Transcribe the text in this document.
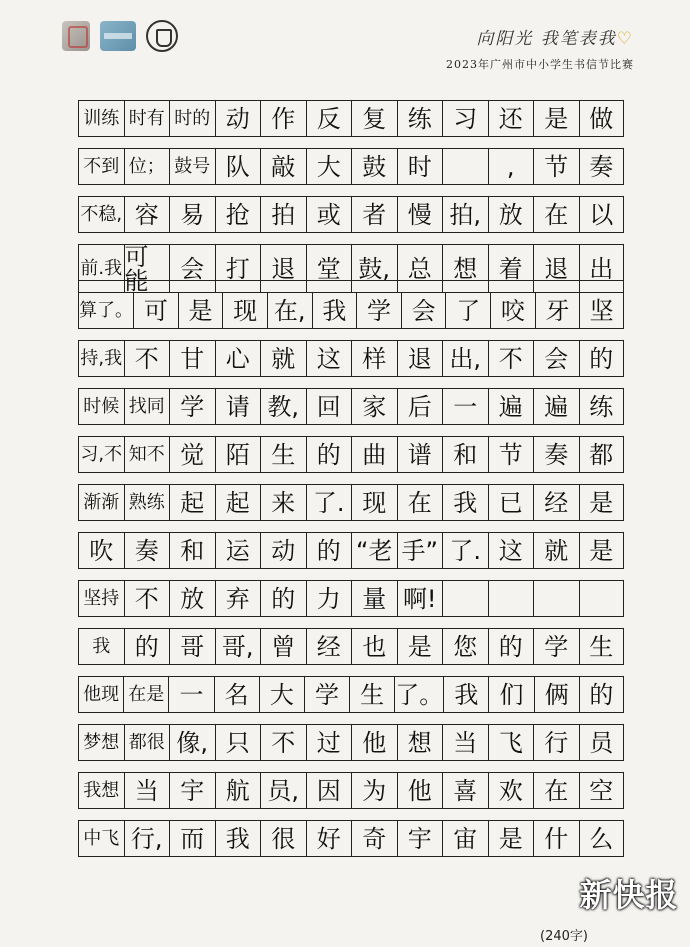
向阳光 我笔表我♡
2023年广州市中小学生书信节比赛
训 练 时 有 时 的 动 作 反 复 练 习 还 是 做
不 到 位 ； 鼓 号 队 敲 大 鼓 时	, 节 奏
不 稳, 容 易 抢 拍 或 者 慢 拍, 放 在 以
前. 我 可能	会 打 退 堂 鼓, 总 想 着 退 出
算 了。 可 是 现 在, 我 学 会 了 咬 牙 坚
持, 我 不 甘 心 就 这 样 退 出, 不 会 的
时 候 找 同 学 请 教, 回 家 后 一 遍 遍 练
习, 不 知 不 觉 陌 生 的 曲 谱 和 节 奏 都
渐 渐 熟 练 起 起 来 了. 现 在 我 已 经 是
吹 奏 和 运 动 的 “老 手” 了. 这 就 是
坚 持 不 放 弃 的 力 量 啊!
我 的 哥 哥, 曾 经 也 是 您 的 学 生
他 现 在 是 一 名 大 学 生 了。 我 们 俩 的
梦 想 都 很 像, 只 不 过 他 想 当 飞 行 员
我 想 当 宇 航 员, 因 为 他 喜 欢 在 空
中 飞 行, 而 我 很 好 奇 宇 宙 是 什 么
新快报
(240字)
